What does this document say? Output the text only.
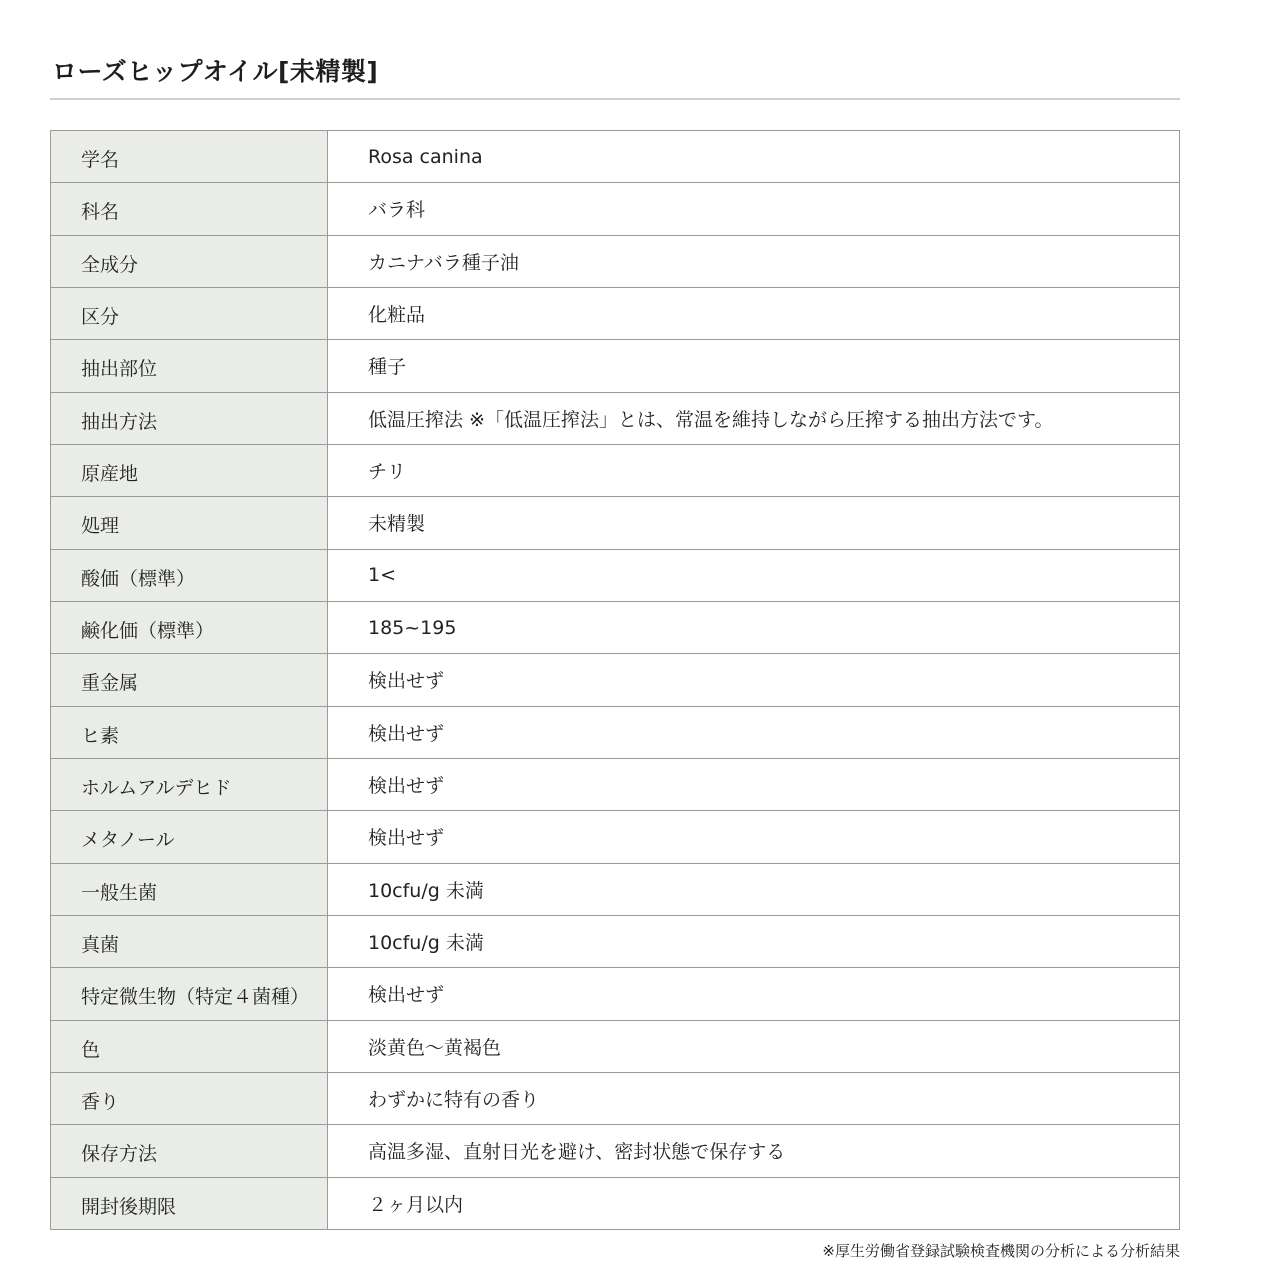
ローズヒップオイル[未精製]
学名	Rosa canina
科名	バラ科
全成分	カニナバラ種子油
区分	化粧品
抽出部位	種子
抽出方法	低温圧搾法 ※「低温圧搾法」とは、常温を維持しながら圧搾する抽出方法です。
原産地	チリ
処理	未精製
酸価（標準）	1<
鹸化価（標準）	185~195
重金属	検出せず
ヒ素	検出せず
ホルムアルデヒド	検出せず
メタノール	検出せず
一般生菌	10cfu/g 未満
真菌	10cfu/g 未満
特定微生物（特定４菌種）	検出せず
色	淡黄色～黄褐色
香り	わずかに特有の香り
保存方法	高温多湿、直射日光を避け、密封状態で保存する
開封後期限	２ヶ月以内
※厚生労働省登録試験検査機関の分析による分析結果
